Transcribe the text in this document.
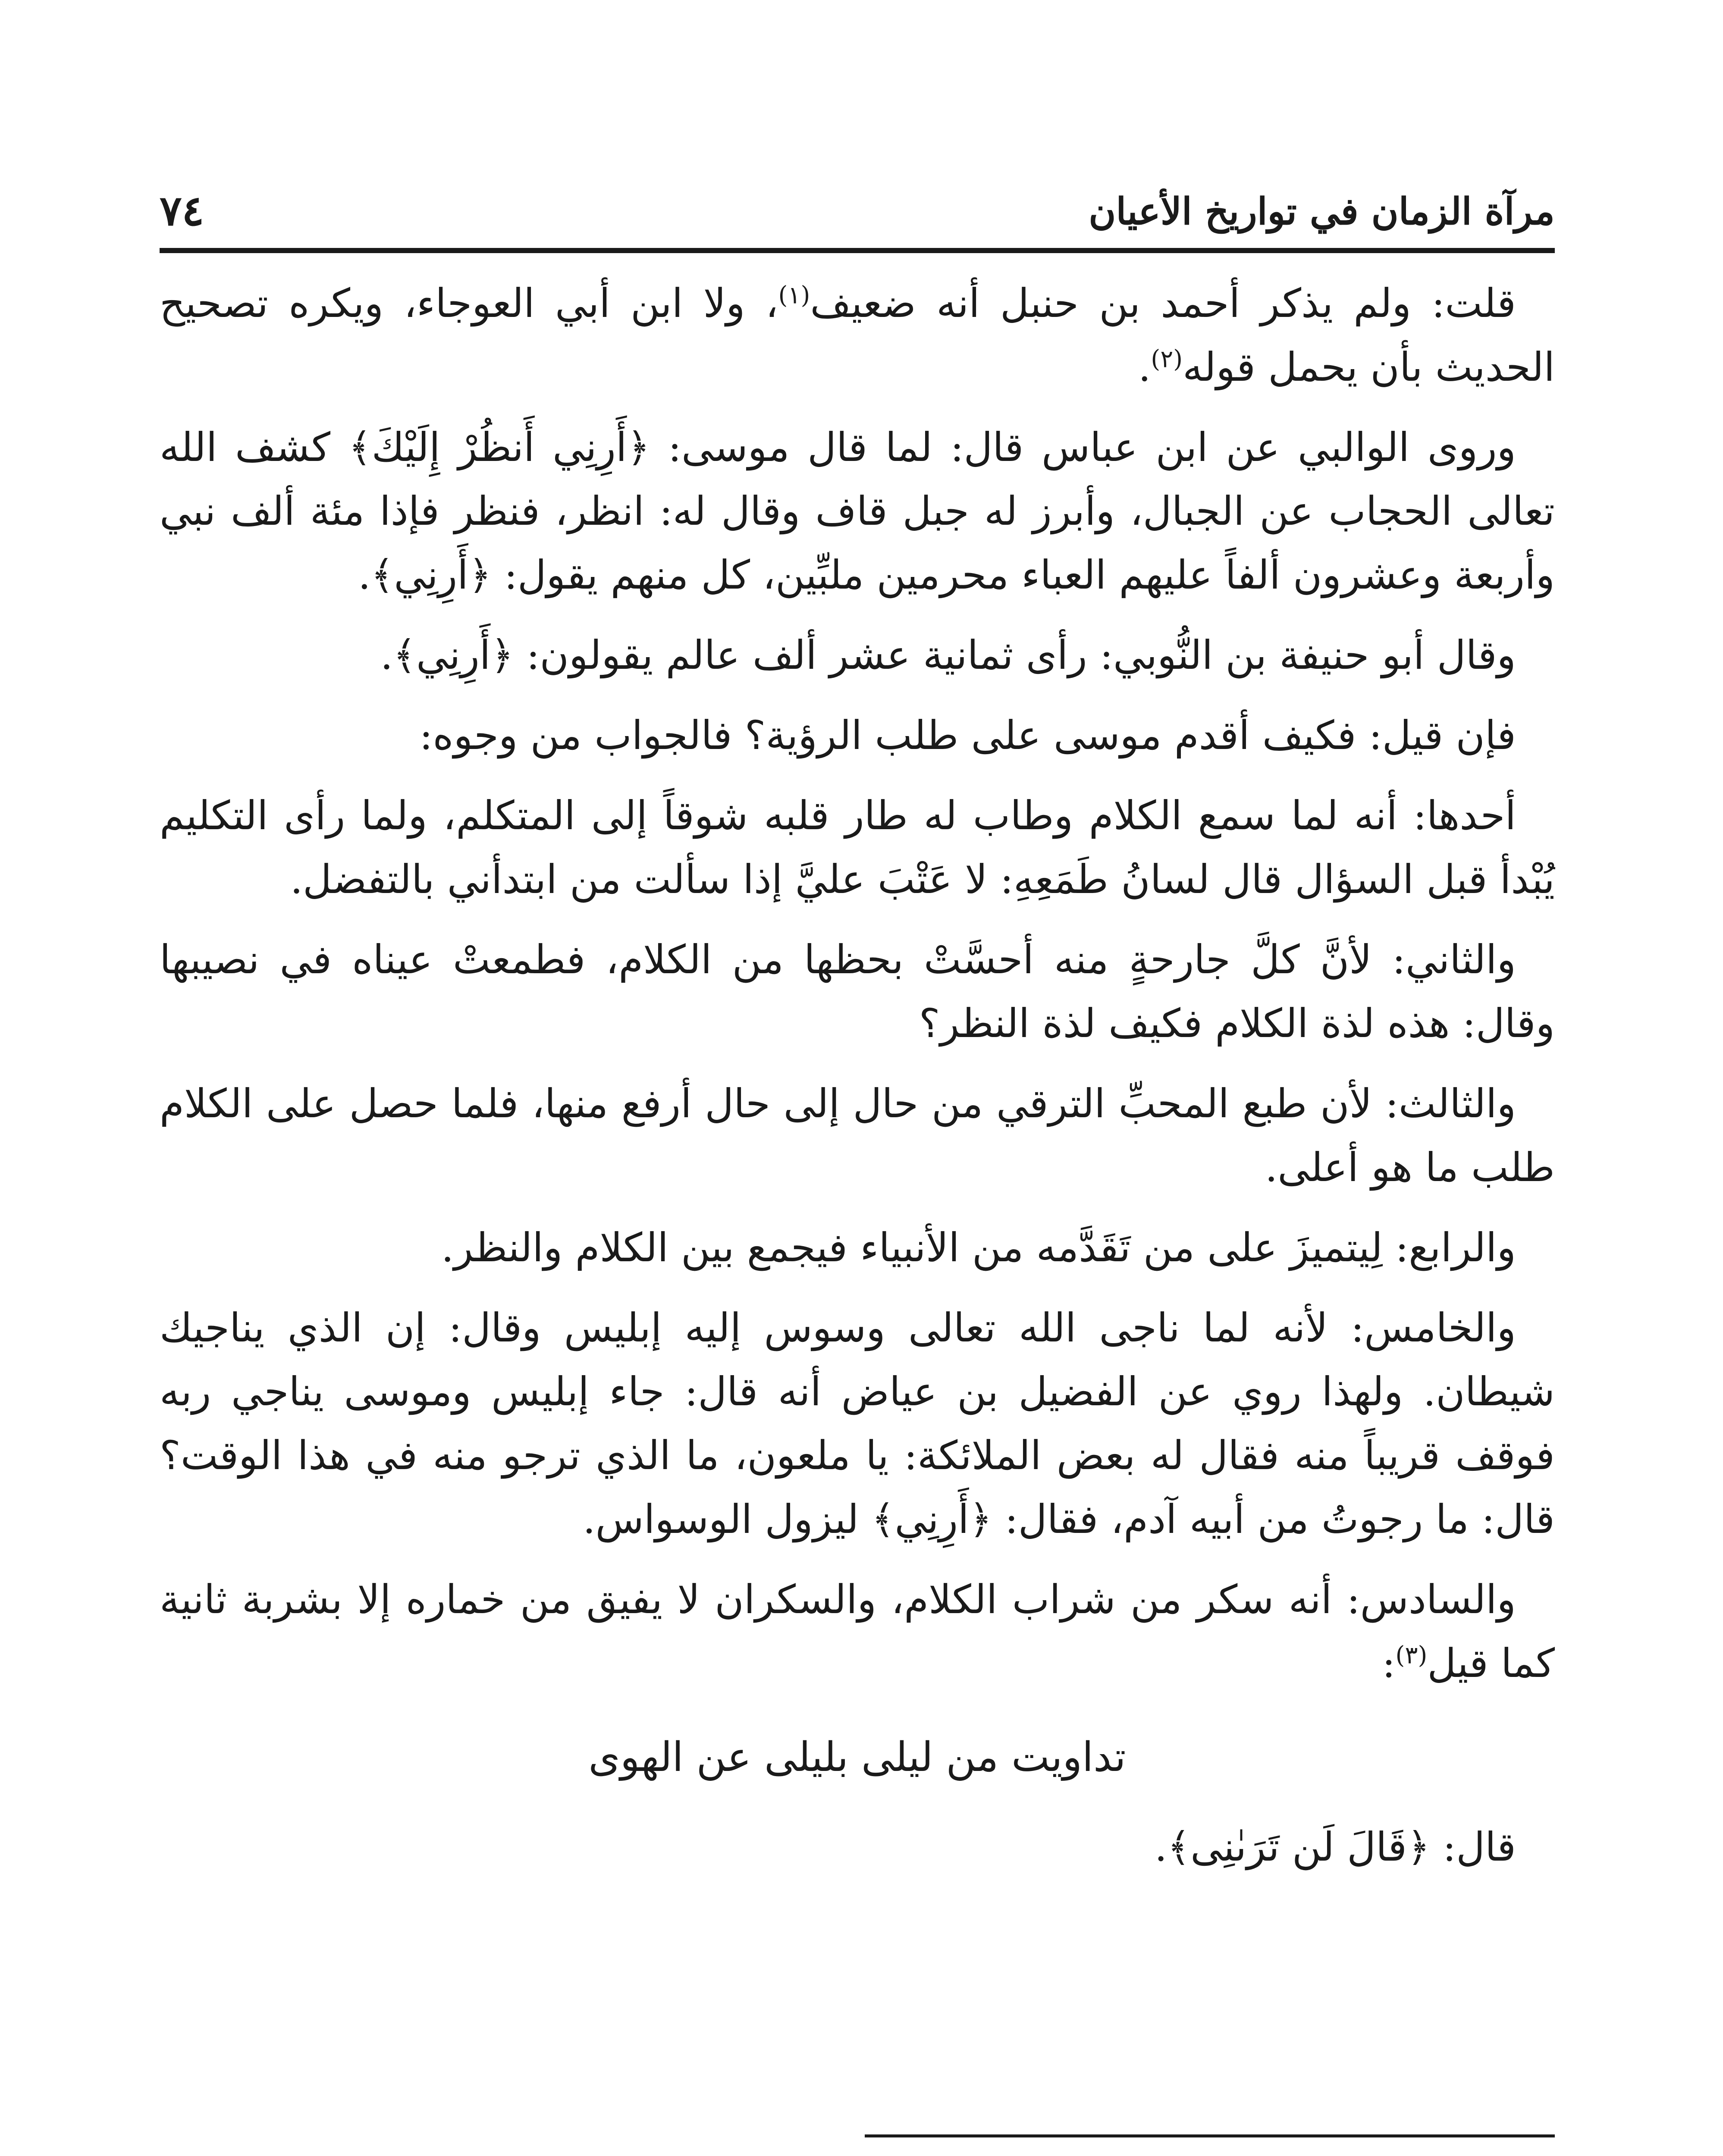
٧٤	مرآة الزمان في تواريخ الأعيان

قلت: ولم يذكر أحمد بن حنبل أنه ضعيف$^{(١)}$، ولا ابن أبي العوجاء، ويكره تصحيح الحديث بأن يحمل قوله$^{(٢)}$.

وروى الوالبي عن ابن عباس قال: لما قال موسى: ﴿أَرِنِي أَنظُرْ إِلَيْكَ﴾ كشف الله تعالى الحجاب عن الجبال، وأبرز له جبل قاف وقال له: انظر، فنظر فإذا مئة ألف نبي وأربعة وعشرون ألفاً عليهم العباء محرمين ملبِّين، كل منهم يقول: ﴿أَرِنِي﴾.

وقال أبو حنيفة بن النُّوبي: رأى ثمانية عشر ألف عالم يقولون: ﴿أَرِنِي﴾.

فإن قيل: فكيف أقدم موسى على طلب الرؤية؟ فالجواب من وجوه:

أحدها: أنه لما سمع الكلام وطاب له طار قلبه شوقاً إلى المتكلم، ولما رأى التكليم يُبْدأ قبل السؤال قال لسانُ طَمَعِهِ: لا عَتْبَ عليَّ إذا سألت من ابتدأني بالتفضل.

والثاني: لأنَّ كلَّ جارحةٍ منه أحسَّتْ بحظها من الكلام، فطمعتْ عيناه في نصيبها وقال: هذه لذة الكلام فكيف لذة النظر؟

والثالث: لأن طبع المحبِّ الترقي من حال إلى حال أرفع منها، فلما حصل على الكلام طلب ما هو أعلى.

والرابع: لِيتميزَ على من تَقَدَّمه من الأنبياء فيجمع بين الكلام والنظر.

والخامس: لأنه لما ناجى الله تعالى وسوس إليه إبليس وقال: إن الذي يناجيك شيطان. ولهذا روي عن الفضيل بن عياض أنه قال: جاء إبليس وموسى يناجي ربه فوقف قريباً منه فقال له بعض الملائكة: يا ملعون، ما الذي ترجو منه في هذا الوقت؟ قال: ما رجوتُ من أبيه آدم، فقال: ﴿أَرِنِي﴾ ليزول الوسواس.

والسادس: أنه سكر من شراب الكلام، والسكران لا يفيق من خماره إلا بشربة ثانية كما قيل$^{(٣)}$:

تداويت من ليلى بليلى عن الهوى

قال: ﴿قَالَ لَن تَرَىٰنِى﴾.
